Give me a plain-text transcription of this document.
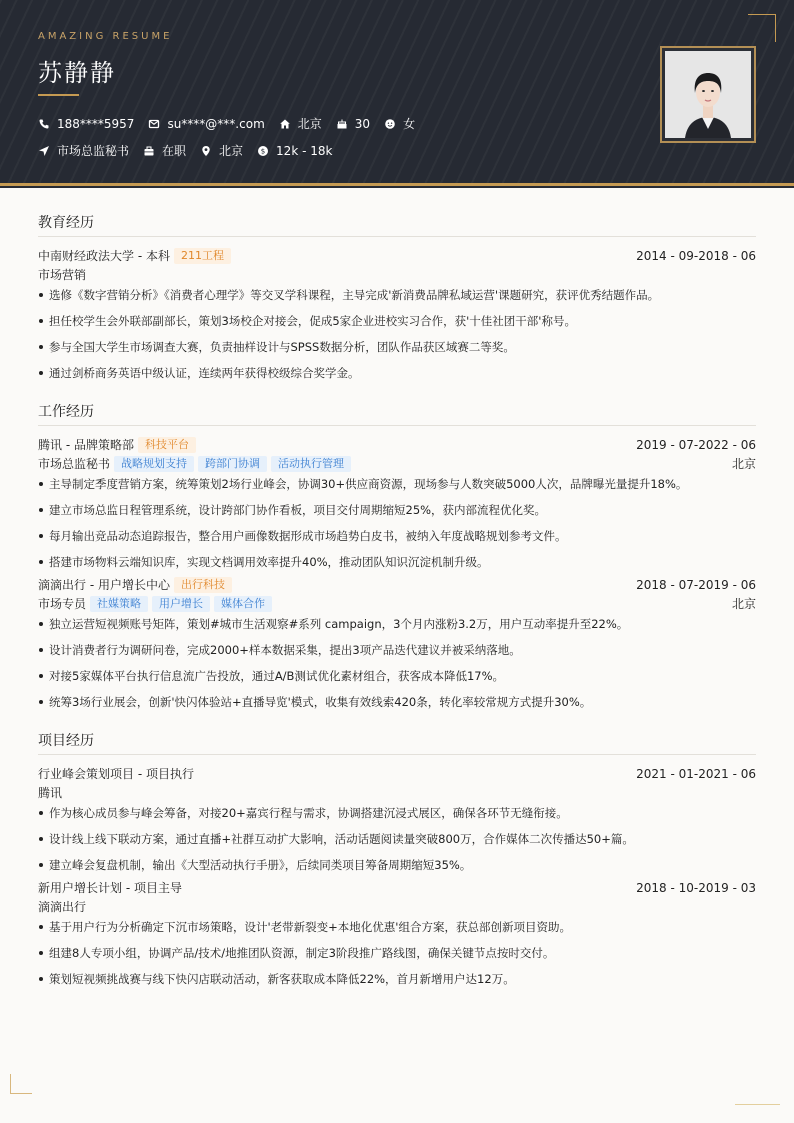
AMAZING RESUME
苏静静
188****5957	su****@***.com	北京	30	女
市场总监秘书	在职	北京	$ 12k - 18k
教育经历
中南财经政法大学 - 本科	211工程	2014 - 09-2018 - 06
市场营销
选修《数字营销分析》《消费者心理学》等交叉学科课程，主导完成'新消费品牌私域运营'课题研究，获评优秀结题作品。
担任校学生会外联部副部长，策划3场校企对接会，促成5家企业进校实习合作，获'十佳社团干部'称号。
参与全国大学生市场调查大赛，负责抽样设计与SPSS数据分析，团队作品获区域赛二等奖。
通过剑桥商务英语中级认证，连续两年获得校级综合奖学金。
工作经历
腾讯 - 品牌策略部	科技平台	2019 - 07-2022 - 06
市场总监秘书	战略规划支持	跨部门协调	活动执行管理	北京
主导制定季度营销方案，统筹策划2场行业峰会，协调30+供应商资源，现场参与人数突破5000人次，品牌曝光量提升18%。
建立市场总监日程管理系统，设计跨部门协作看板，项目交付周期缩短25%，获内部流程优化奖。
每月输出竞品动态追踪报告，整合用户画像数据形成市场趋势白皮书，被纳入年度战略规划参考文件。
搭建市场物料云端知识库，实现文档调用效率提升40%，推动团队知识沉淀机制升级。
滴滴出行 - 用户增长中心	出行科技	2018 - 07-2019 - 06
市场专员	社媒策略	用户增长	媒体合作	北京
独立运营短视频账号矩阵，策划#城市生活观察#系列 campaign，3个月内涨粉3.2万，用户互动率提升至22%。
设计消费者行为调研问卷，完成2000+样本数据采集，提出3项产品迭代建议并被采纳落地。
对接5家媒体平台执行信息流广告投放，通过A/B测试优化素材组合，获客成本降低17%。
统筹3场行业展会，创新'快闪体验站+直播导览'模式，收集有效线索420条，转化率较常规方式提升30%。
项目经历
行业峰会策划项目 - 项目执行	2021 - 01-2021 - 06
腾讯
作为核心成员参与峰会筹备，对接20+嘉宾行程与需求，协调搭建沉浸式展区，确保各环节无缝衔接。
设计线上线下联动方案，通过直播+社群互动扩大影响，活动话题阅读量突破800万，合作媒体二次传播达50+篇。
建立峰会复盘机制，输出《大型活动执行手册》，后续同类项目筹备周期缩短35%。
新用户增长计划 - 项目主导	2018 - 10-2019 - 03
滴滴出行
基于用户行为分析确定下沉市场策略，设计'老带新裂变+本地化优惠'组合方案，获总部创新项目资助。
组建8人专项小组，协调产品/技术/地推团队资源，制定3阶段推广路线图，确保关键节点按时交付。
策划短视频挑战赛与线下快闪店联动活动，新客获取成本降低22%，首月新增用户达12万。
